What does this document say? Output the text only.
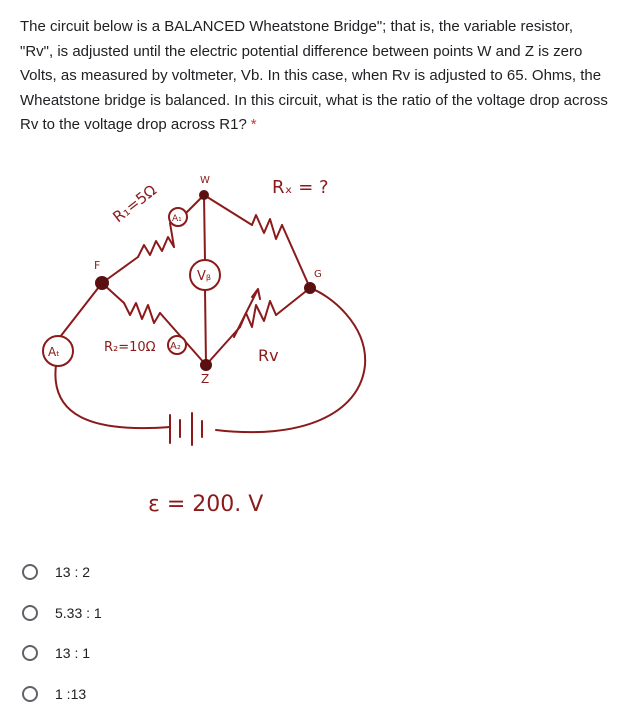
The circuit below is a BALANCED Wheatstone Bridge"; that is, the variable resistor, "Rv", is adjusted until the electric potential difference between points W and Z is zero Volts, as measured by voltmeter, Vb. In this case, when Rv is adjusted to 65. Ohms, the Wheatstone bridge is balanced. In this circuit, what is the ratio of the voltage drop across Rv to the voltage drop across R1? *
R₁=5Ω A₁
W	Rₓ = ?
F
G
Vᵦ
Aₜ	R₂=10Ω A₂	Rv
Z
ε = 200. V
13 : 2
5.33 : 1
13 : 1
1 :13
